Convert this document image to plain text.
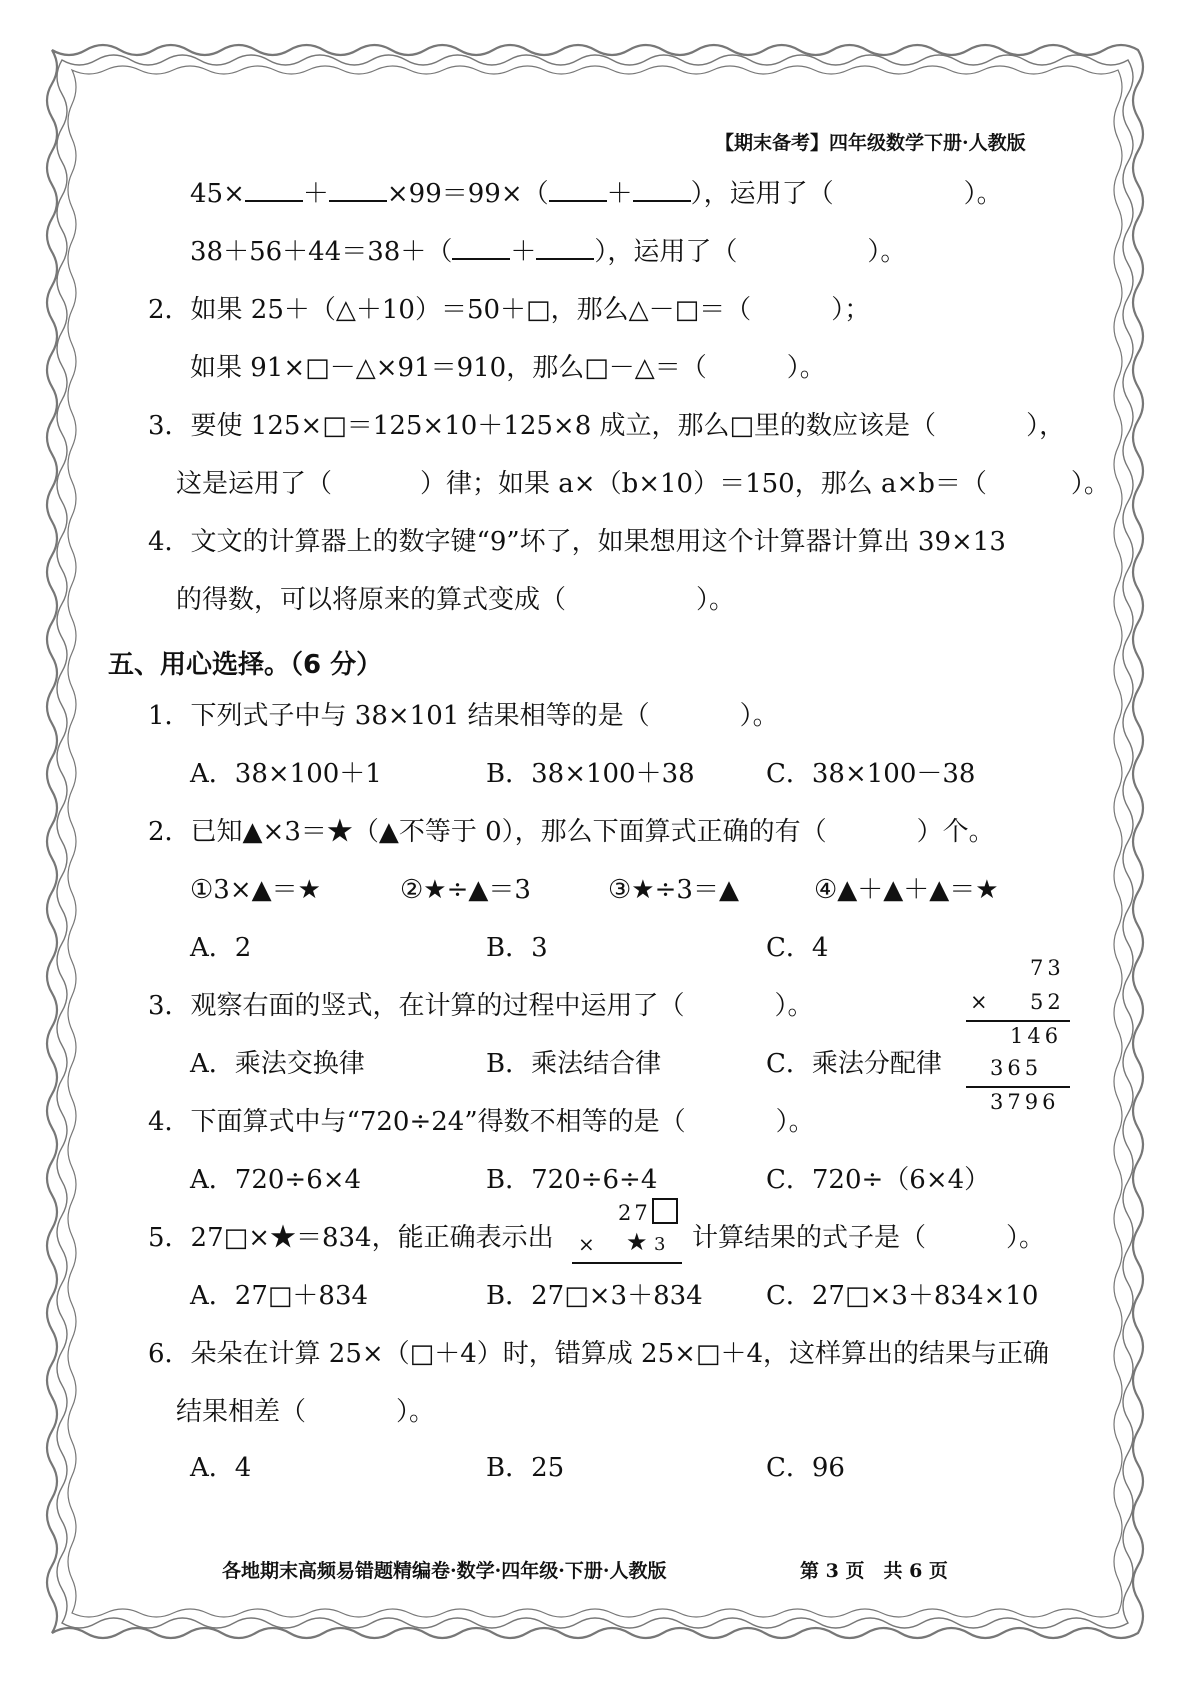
【期末备考】四年级数学下册·人教版
45× ＋ ×99＝99×（ ＋ ），运用了（	）。
38＋56＋44＝38＋（ ＋ ），运用了（	）。
2．如果 25＋（△＋10）＝50＋□，那么△－□＝（	）；
如果 91×□－△×91＝910，那么□－△＝（	）。
3．要使 125×□＝125×10＋125×8 成立，那么□里的数应该是（	），
这是运用了（	）律；如果 a×（b×10）＝150，那么 a×b＝（	）。
4．文文的计算器上的数字键“9”坏了，如果想用这个计算器计算出 39×13
的得数，可以将原来的算式变成（	）。
五、用心选择。（6 分）
1．下列式子中与 38×101 结果相等的是（	）。
A．38×100＋1	B．38×100＋38	C．38×100－38
2．已知▲×3＝★（▲不等于 0），那么下面算式正确的有（	）个。
①3×▲＝★	②★÷▲＝3	③★÷3＝▲	④▲＋▲＋▲＝★
A．2	B．3	C．4
3．观察右面的竖式，在计算的过程中运用了（	）。
A．乘法交换律	B．乘法结合律	C．乘法分配律
73
× 52
146
365
3796
4．下面算式中与“720÷24”得数不相等的是（	）。
A．720÷6×4	B．720÷6÷4	C．720÷（6×4）
5．27□×★＝834，能正确表示出
27
× ★ 3 计算结果的式子是（	）。
A．27□＋834	B．27□×3＋834 C．27□×3＋834×10
6．朵朵在计算 25×（□＋4）时，错算成 25×□＋4，这样算出的结果与正确
结果相差（	）。
A．4	B．25	C．96
各地期末高频易错题精编卷·数学·四年级·下册·人教版	第 3 页　共 6 页
